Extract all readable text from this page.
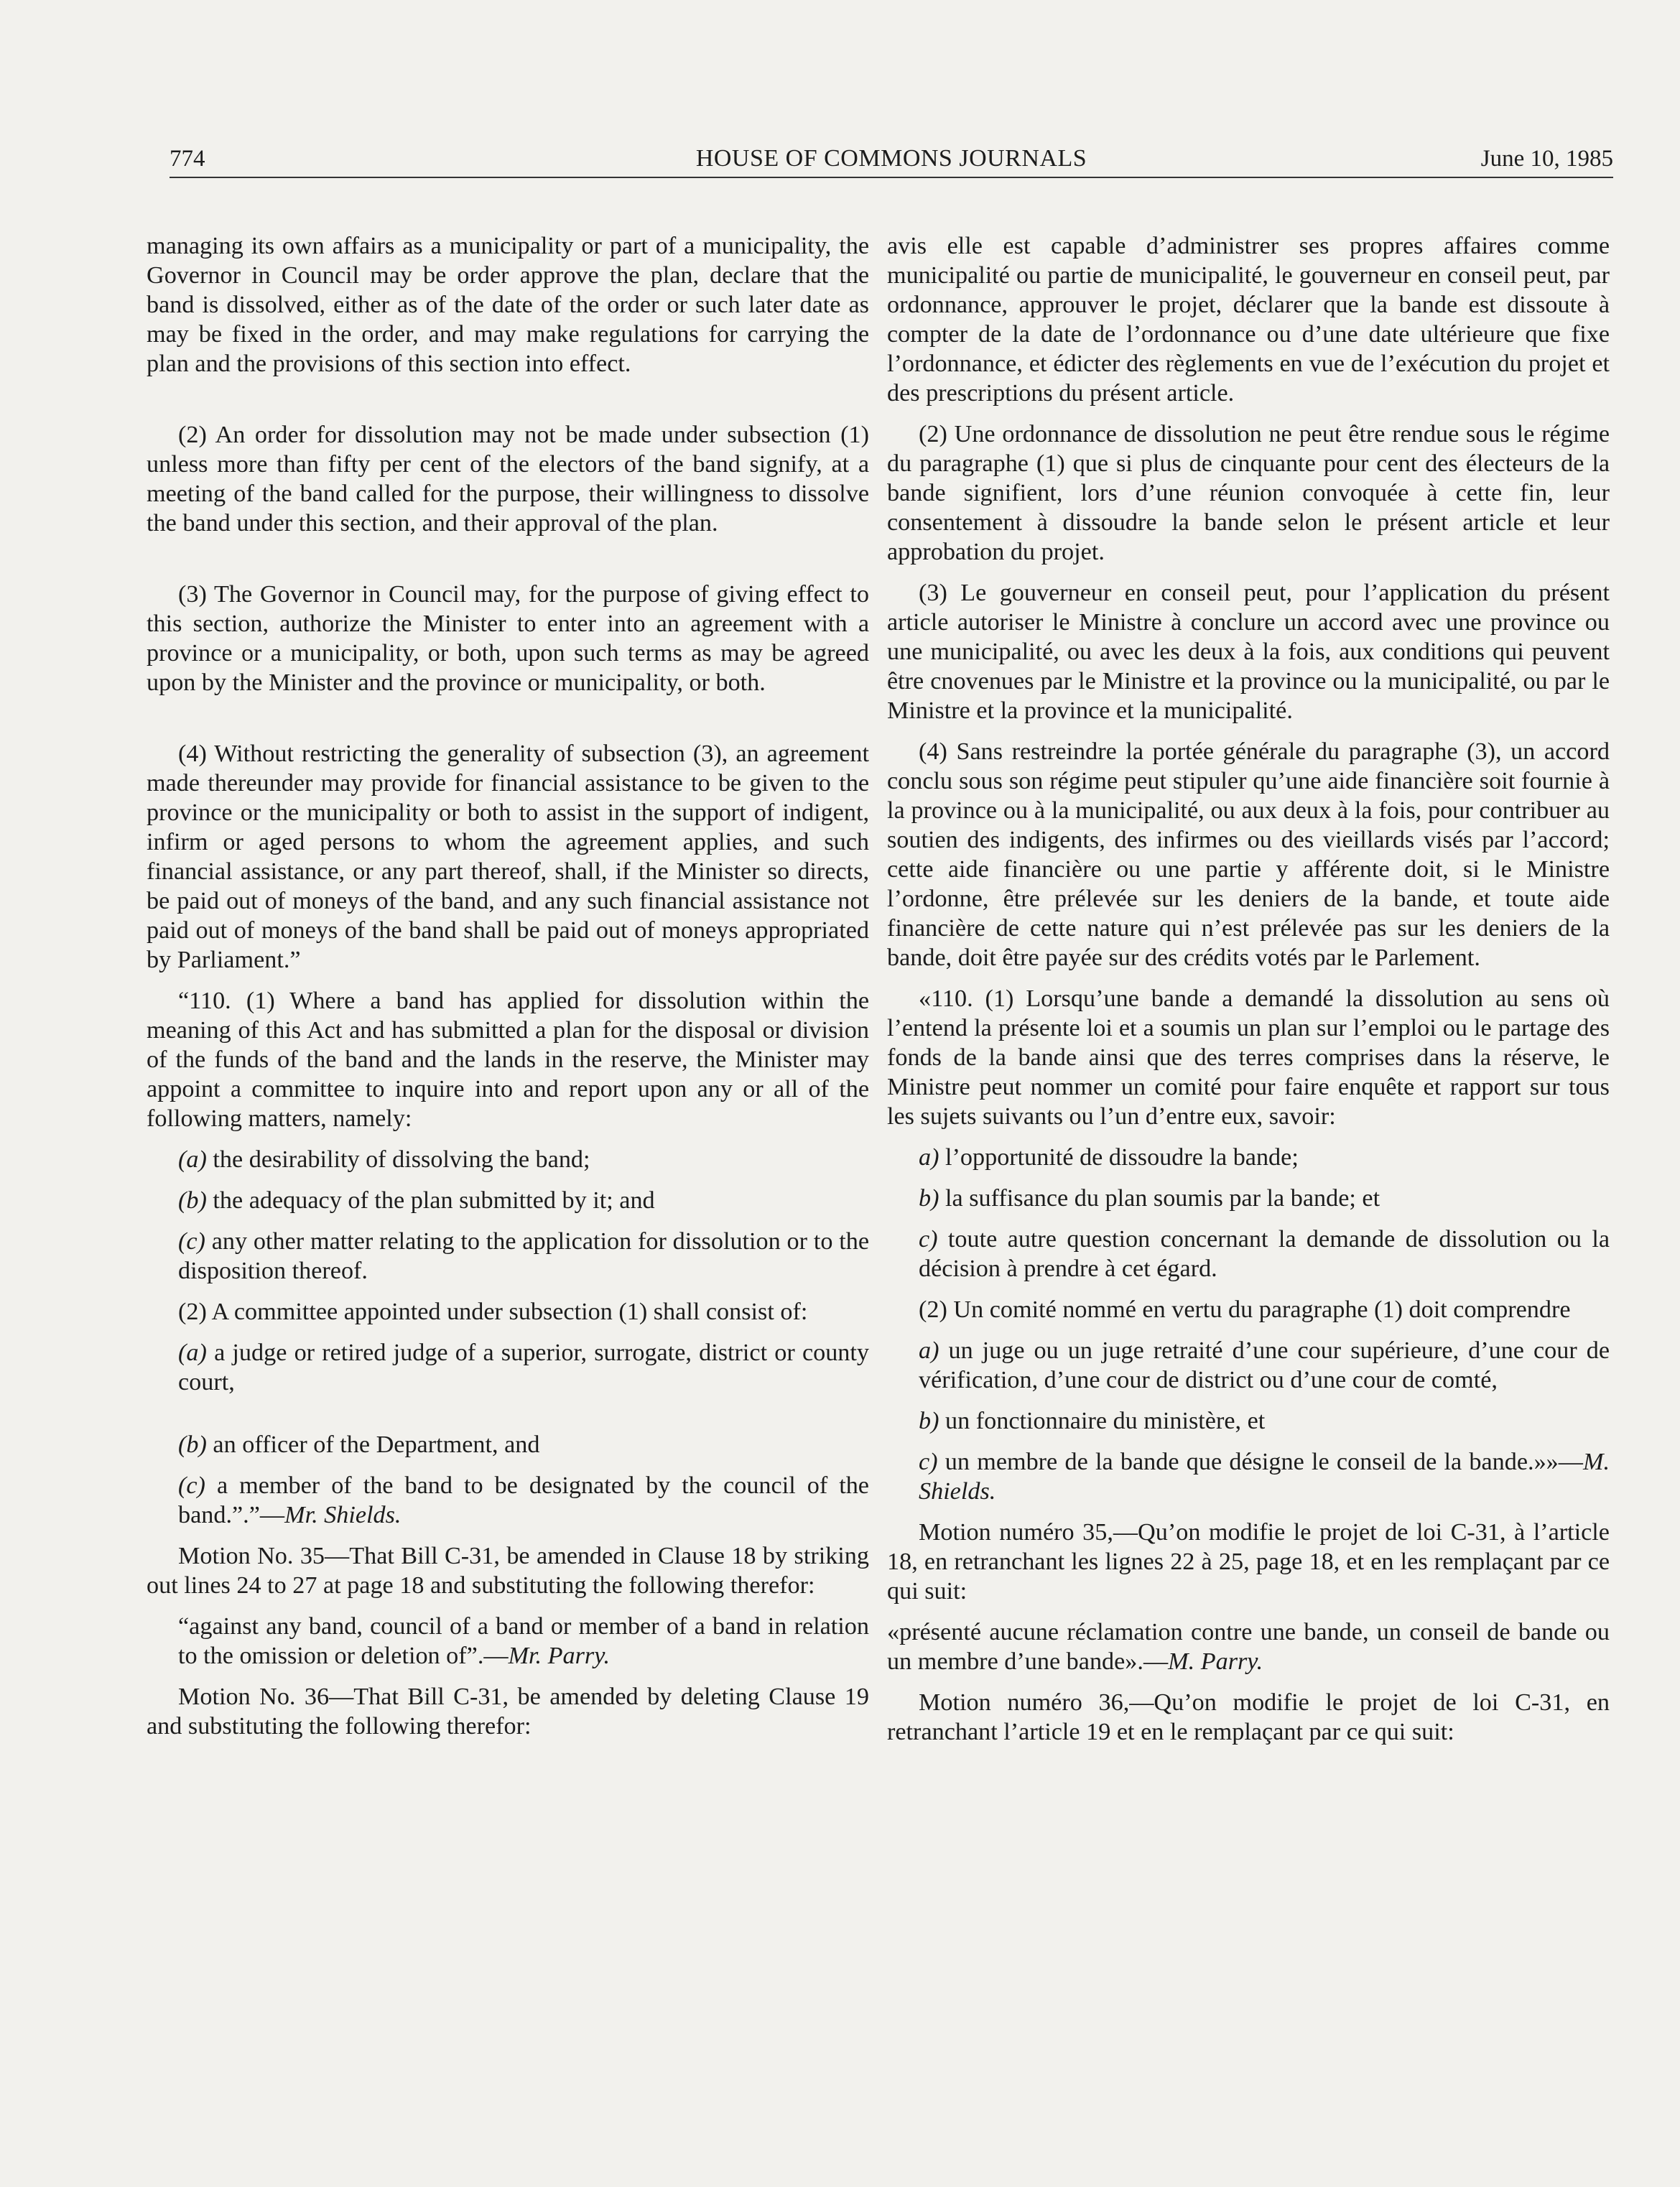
774	HOUSE OF COMMONS JOURNALS	June 10, 1985

managing its own affairs as a municipality or part of a municipality, the Governor in Council may be order approve the plan, declare that the band is dissolved, either as of the date of the order or such later date as may be fixed in the order, and may make regulations for carrying the plan and the provisions of this section into effect.

(2) An order for dissolution may not be made under subsection (1) unless more than fifty per cent of the electors of the band signify, at a meeting of the band called for the purpose, their willingness to dissolve the band under this section, and their approval of the plan.

(3) The Governor in Council may, for the purpose of giving effect to this section, authorize the Minister to enter into an agreement with a province or a municipality, or both, upon such terms as may be agreed upon by the Minister and the province or municipality, or both.

(4) Without restricting the generality of subsection (3), an agreement made thereunder may provide for financial assistance to be given to the province or the municipality or both to assist in the support of indigent, infirm or aged persons to whom the agreement applies, and such financial assistance, or any part thereof, shall, if the Minister so directs, be paid out of moneys of the band, and any such financial assistance not paid out of moneys of the band shall be paid out of moneys appropriated by Parliament.”

“110. (1) Where a band has applied for dissolution within the meaning of this Act and has submitted a plan for the disposal or division of the funds of the band and the lands in the reserve, the Minister may appoint a committee to inquire into and report upon any or all of the following matters, namely:

(a) the desirability of dissolving the band;

(b) the adequacy of the plan submitted by it; and

(c) any other matter relating to the application for dissolution or to the disposition thereof.

(2) A committee appointed under subsection (1) shall consist of:

(a) a judge or retired judge of a superior, surrogate, district or county court,

(b) an officer of the Department, and

(c) a member of the band to be designated by the council of the band.”.”—Mr. Shields.

Motion No. 35—That Bill C-31, be amended in Clause 18 by striking out lines 24 to 27 at page 18 and substituting the following therefor:

“against any band, council of a band or member of a band in relation to the omission or deletion of”.—Mr. Parry.

Motion No. 36—That Bill C-31, be amended by deleting Clause 19 and substituting the following therefor:

avis elle est capable d’administrer ses propres affaires comme municipalité ou partie de municipalité, le gouverneur en conseil peut, par ordonnance, approuver le projet, déclarer que la bande est dissoute à compter de la date de l’ordonnance ou d’une date ultérieure que fixe l’ordonnance, et édicter des règlements en vue de l’exécution du projet et des prescriptions du présent article.

(2) Une ordonnance de dissolution ne peut être rendue sous le régime du paragraphe (1) que si plus de cinquante pour cent des électeurs de la bande signifient, lors d’une réunion convoquée à cette fin, leur consentement à dissoudre la bande selon le présent article et leur approbation du projet.

(3) Le gouverneur en conseil peut, pour l’application du présent article autoriser le Ministre à conclure un accord avec une province ou une municipalité, ou avec les deux à la fois, aux conditions qui peuvent être cnovenues par le Ministre et la province ou la municipalité, ou par le Ministre et la province et la municipalité.

(4) Sans restreindre la portée générale du paragraphe (3), un accord conclu sous son régime peut stipuler qu’une aide financière soit fournie à la province ou à la municipalité, ou aux deux à la fois, pour contribuer au soutien des indigents, des infirmes ou des vieillards visés par l’accord; cette aide financière ou une partie y afférente doit, si le Ministre l’ordonne, être prélevée sur les deniers de la bande, et toute aide financière de cette nature qui n’est prélevée pas sur les deniers de la bande, doit être payée sur des crédits votés par le Parlement.

«110. (1) Lorsqu’une bande a demandé la dissolution au sens où l’entend la présente loi et a soumis un plan sur l’emploi ou le partage des fonds de la bande ainsi que des terres comprises dans la réserve, le Ministre peut nommer un comité pour faire enquête et rapport sur tous les sujets suivants ou l’un d’entre eux, savoir:

a) l’opportunité de dissoudre la bande;

b) la suffisance du plan soumis par la bande; et

c) toute autre question concernant la demande de dissolution ou la décision à prendre à cet égard.

(2) Un comité nommé en vertu du paragraphe (1) doit comprendre

a) un juge ou un juge retraité d’une cour supérieure, d’une cour de vérification, d’une cour de district ou d’une cour de comté,

b) un fonctionnaire du ministère, et

c) un membre de la bande que désigne le conseil de la bande.»»—M. Shields.

Motion numéro 35,—Qu’on modifie le projet de loi C-31, à l’article 18, en retranchant les lignes 22 à 25, page 18, et en les remplaçant par ce qui suit:

«présenté aucune réclamation contre une bande, un conseil de bande ou un membre d’une bande».—M. Parry.

Motion numéro 36,—Qu’on modifie le projet de loi C-31, en retranchant l’article 19 et en le remplaçant par ce qui suit:
